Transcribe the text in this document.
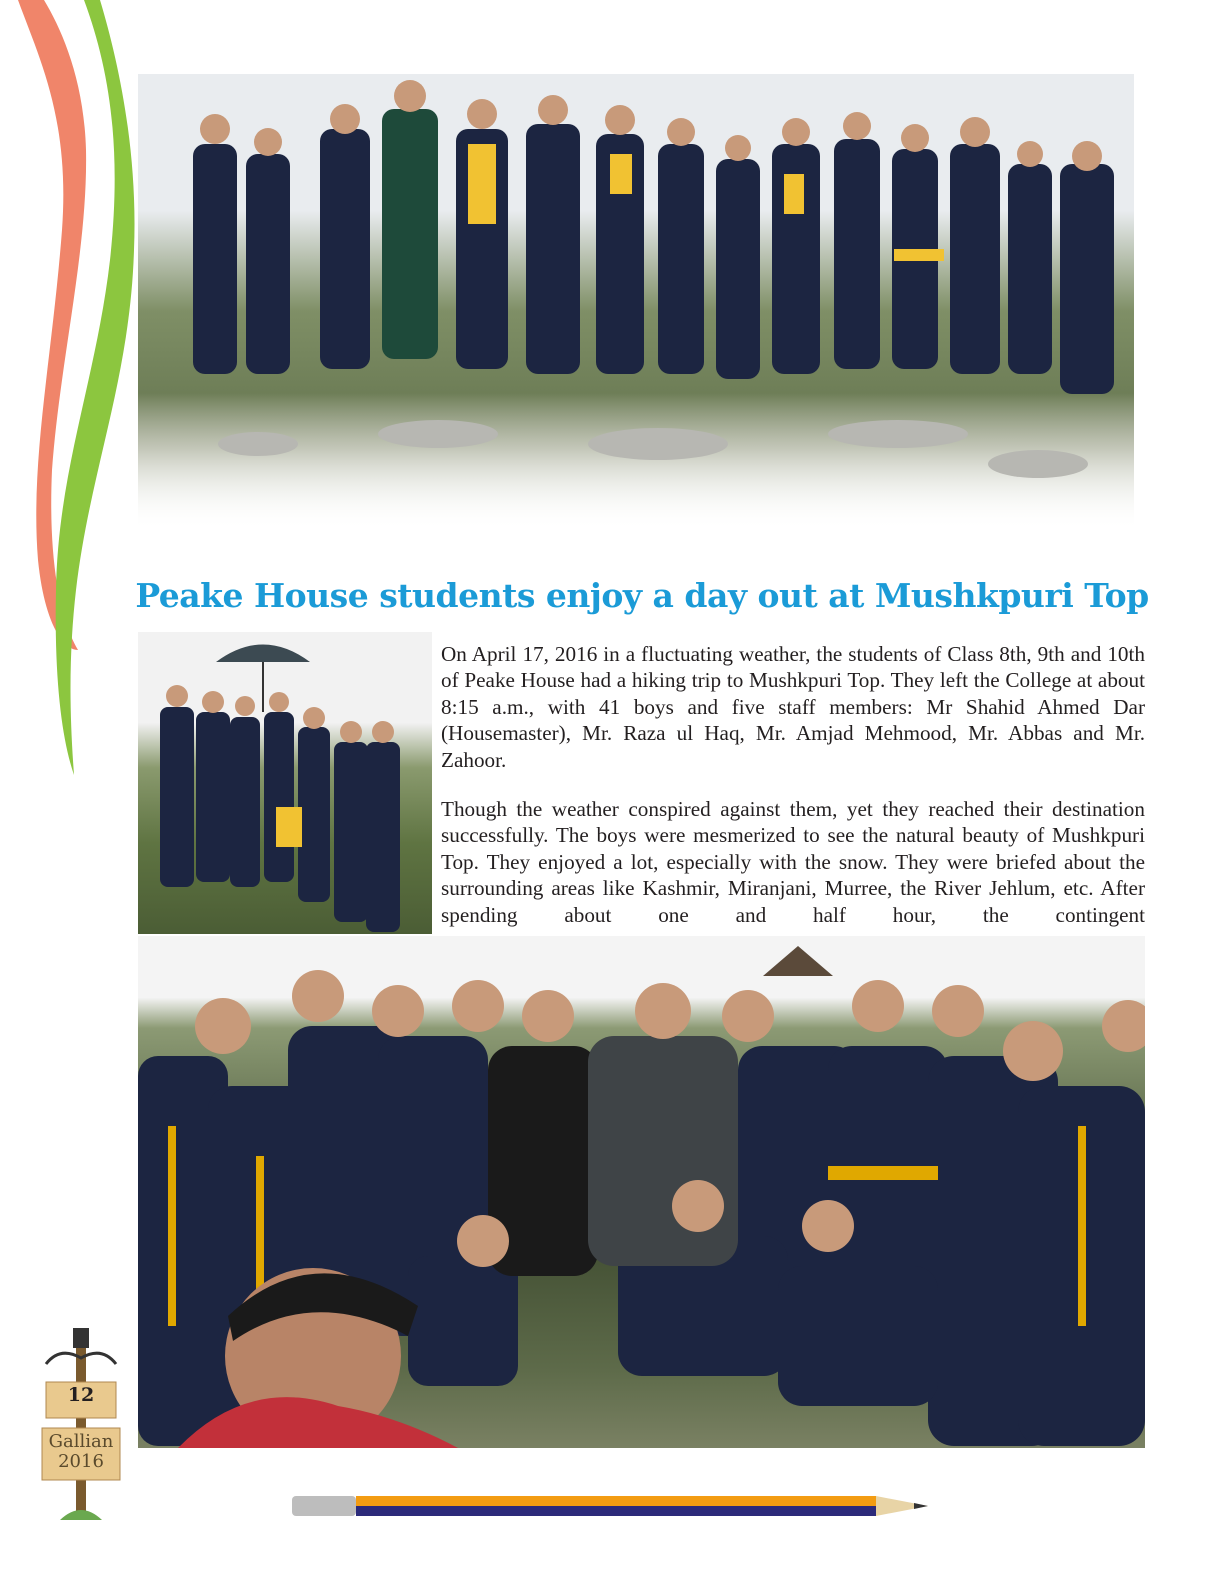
Peake House students enjoy a day out at Mushkpuri Top

On April 17, 2016 in a fluctuating weather, the students of Class 8th, 9th and 10th of Peake House had a hiking trip to Mushkpuri Top. They left the College at about 8:15 a.m., with 41 boys and five staff members: Mr Shahid Ahmed Dar (Housemaster), Mr. Raza ul Haq, Mr. Amjad Mehmood, Mr. Abbas and Mr. Zahoor.

Though the weather conspired against them, yet they reached their destination successfully. The boys were mesmerized to see the natural beauty of Mushkpuri Top. They enjoyed a lot, especially with the snow. They were briefed about the surrounding areas like Kashmir, Miranjani, Murree, the River Jehlum, etc. After spending about one and half hour, the contingent

12
Gallian
2016
